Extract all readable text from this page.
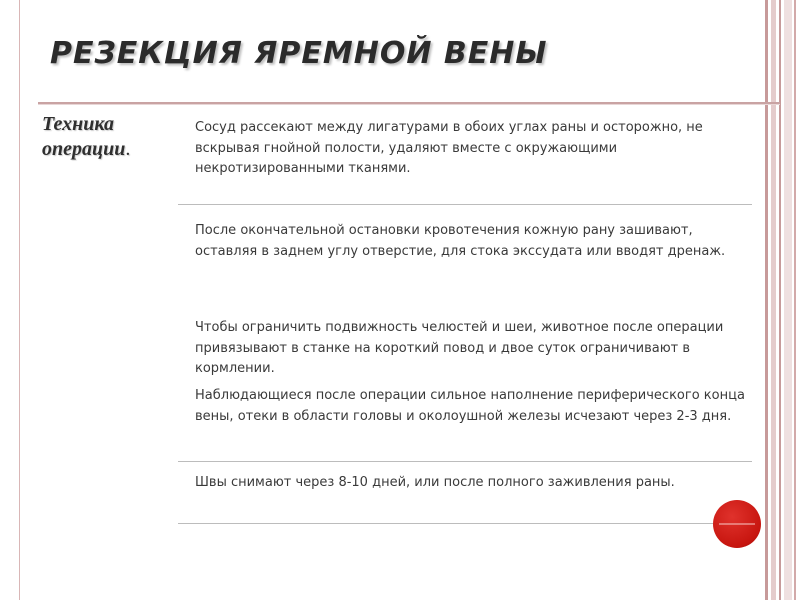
РЕЗЕКЦИЯ ЯРЕМНОЙ ВЕНЫ
Техника операции.
Сосуд рассекают между лигатурами в обоих углах раны и осторожно, не вскрывая гнойной полости, удаляют вместе с окружающими некротизированными тканями.
После окончательной остановки кровотечения кожную рану зашивают, оставляя в заднем углу отверстие, для стока экссудата или вводят дренаж.
Чтобы ограничить подвижность челюстей и шеи, животное после операции привязывают в станке на короткий повод и двое суток ограничивают в кормлении.
Наблюдающиеся после операции сильное наполнение периферического конца вены, отеки в области головы и околоушной железы исчезают через 2-3 дня.
Швы снимают через 8-10 дней, или после полного заживления раны.
